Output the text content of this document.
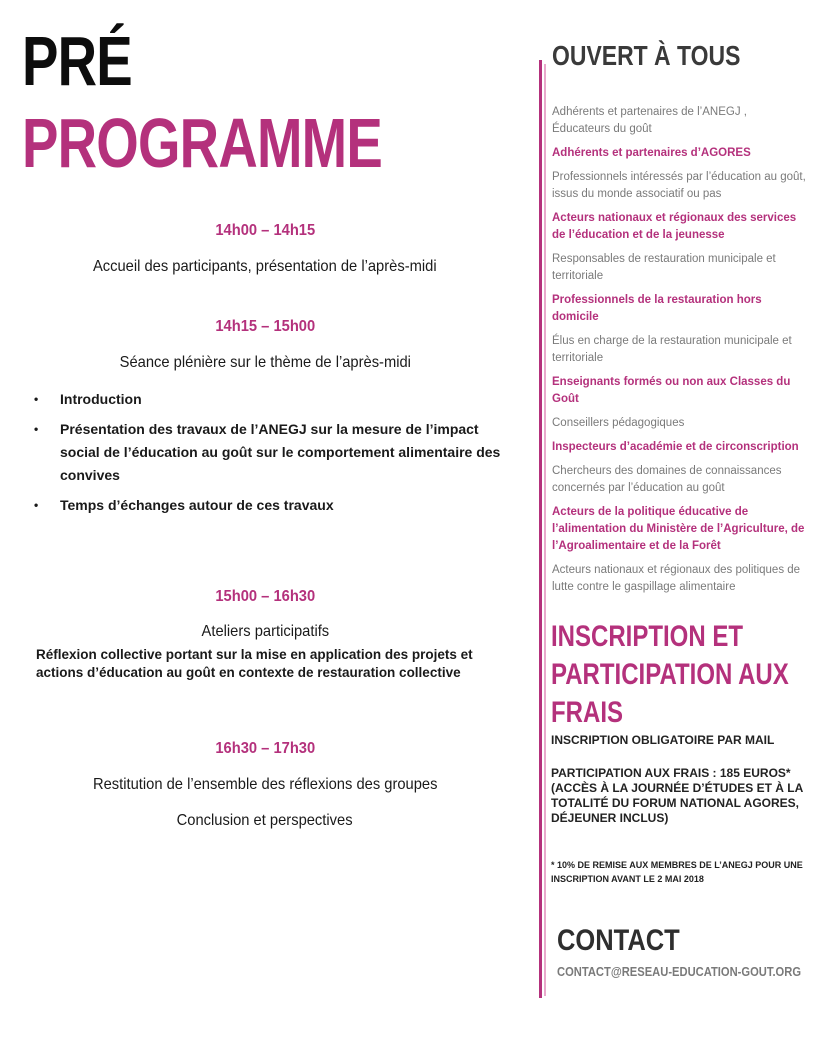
PRÉ
PROGRAMME
14h00 – 14h15
Accueil des participants, présentation de l’après-midi
14h15 – 15h00
Séance plénière sur le thème de l’après-midi
• Introduction
• Présentation des travaux de l’ANEGJ sur la mesure de l’impact social de l’éducation au goût sur le comportement alimentaire des convives
• Temps d’échanges autour de ces travaux
15h00 – 16h30
Ateliers participatifs
Réflexion collective portant sur la mise en application des projets et actions d’éducation au goût en contexte de restauration collective
16h30 – 17h30
Restitution de l’ensemble des réflexions des groupes
Conclusion et perspectives
OUVERT À TOUS
Adhérents et partenaires de l’ANEGJ , Éducateurs du goût
Adhérents et partenaires d’AGORES
Professionnels intéressés par l’éducation au goût, issus du monde associatif ou pas
Acteurs nationaux et régionaux des services de l’éducation et de la jeunesse
Responsables de restauration municipale et territoriale
Professionnels de la restauration hors domicile
Élus en charge de la restauration municipale et territoriale
Enseignants formés ou non aux Classes du Goût
Conseillers pédagogiques
Inspecteurs d’académie et de circonscription
Chercheurs des domaines de connaissances concernés par l’éducation au goût
Acteurs de la politique éducative de l’alimentation du Ministère de l’Agriculture, de l’Agroalimentaire et de la Forêt
Acteurs nationaux et régionaux des politiques de lutte contre le gaspillage alimentaire
INSCRIPTION ET
PARTICIPATION AUX
FRAIS
INSCRIPTION OBLIGATOIRE PAR MAIL
PARTICIPATION AUX FRAIS : 185 EUROS* (ACCÈS À LA JOURNÉE D’ÉTUDES ET À LA TOTALITÉ DU FORUM NATIONAL AGORES, DÉJEUNER INCLUS)
* 10% DE REMISE AUX MEMBRES DE L’ANEGJ POUR UNE INSCRIPTION AVANT LE 2 MAI 2018
CONTACT
CONTACT@RESEAU-EDUCATION-GOUT.ORG
